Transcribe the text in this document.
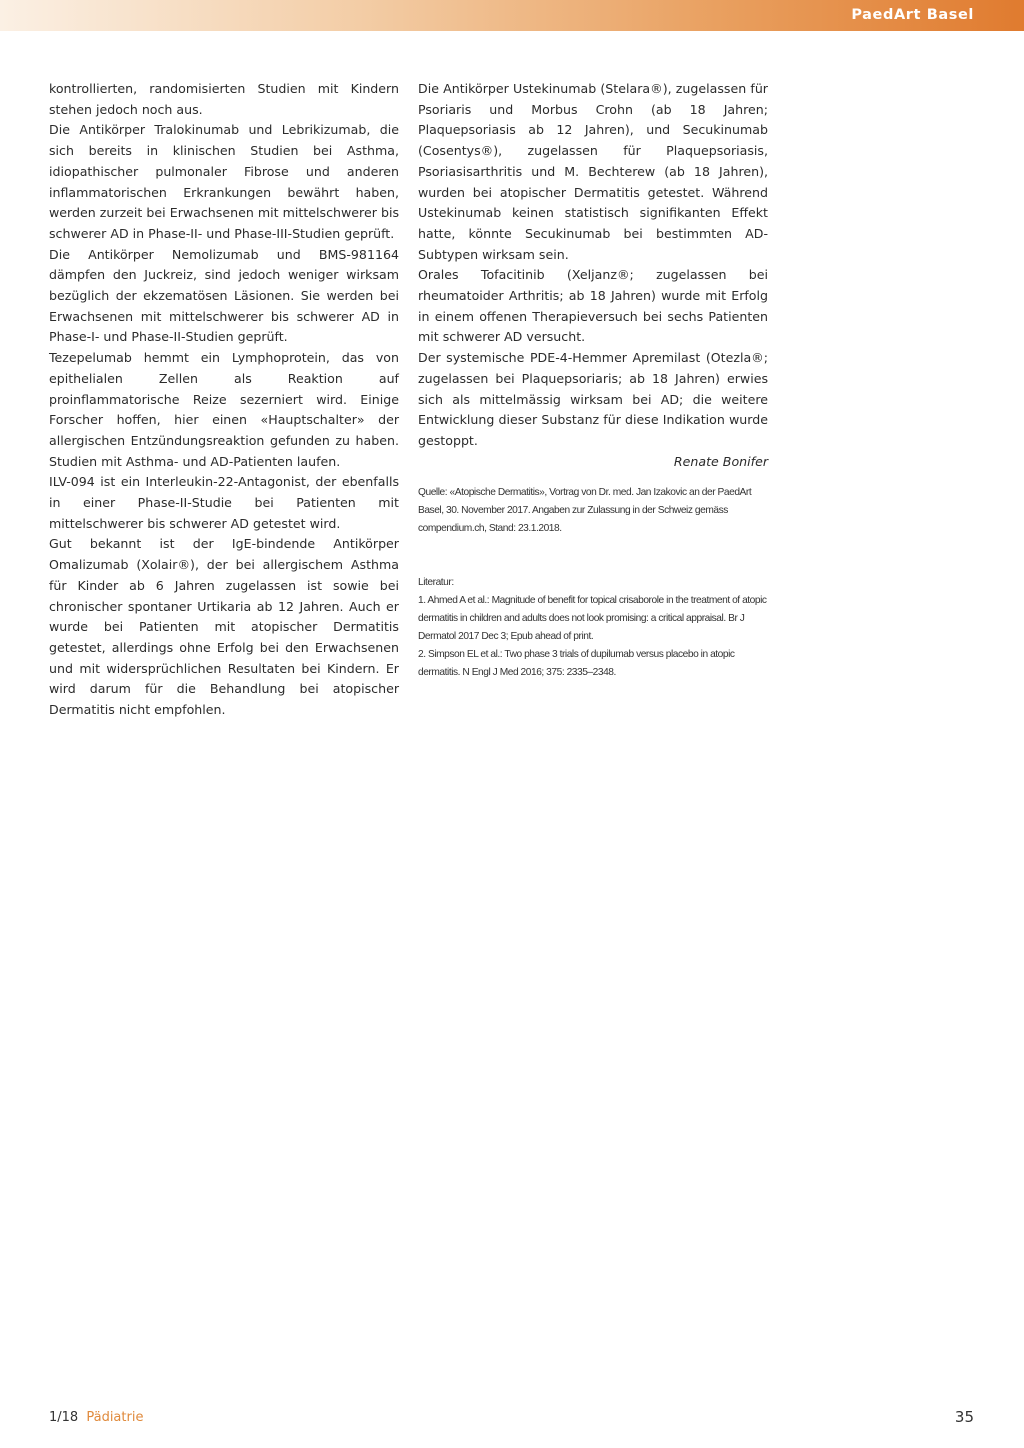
PaedArt Basel

kontrollierten, randomisierten Studien mit Kindern stehen jedoch noch aus.

Die Antikörper Tralokinumab und Lebrikizumab, die sich bereits in klinischen Studien bei Asthma, idiopathischer pulmonaler Fibrose und anderen inflammatorischen Erkrankungen bewährt haben, werden zurzeit bei Erwachsenen mit mittelschwerer bis schwerer AD in Phase-II- und Phase-III-Studien geprüft.

Die Antikörper Nemolizumab und BMS-981164 dämpfen den Juckreiz, sind jedoch weniger wirksam bezüglich der ekzematösen Läsionen. Sie werden bei Erwachsenen mit mittelschwerer bis schwerer AD in Phase-I- und Phase-II-Studien geprüft.

Tezepelumab hemmt ein Lymphoprotein, das von epithelialen Zellen als Reaktion auf proinflammatorische Reize sezerniert wird. Einige Forscher hoffen, hier einen «Hauptschalter» der allergischen Entzündungsreaktion gefunden zu haben. Studien mit Asthma- und AD-Patienten laufen.

ILV-094 ist ein Interleukin-22-Antagonist, der ebenfalls in einer Phase-II-Studie bei Patienten mit mittelschwerer bis schwerer AD getestet wird.

Gut bekannt ist der IgE-bindende Antikörper Omalizumab (Xolair®), der bei allergischem Asthma für Kinder ab 6 Jahren zugelassen ist sowie bei chronischer spontaner Urtikaria ab 12 Jahren. Auch er wurde bei Patienten mit atopischer Dermatitis getestet, allerdings ohne Erfolg bei den Erwachsenen und mit widersprüchlichen Resultaten bei Kindern. Er wird darum für die Behandlung bei atopischer Dermatitis nicht empfohlen.

Die Antikörper Ustekinumab (Stelara®), zugelassen für Psoriaris und Morbus Crohn (ab 18 Jahren; Plaquepsoriasis ab 12 Jahren), und Secukinumab (Cosentys®), zugelassen für Plaquepsoriasis, Psoriasisarthritis und M. Bechterew (ab 18 Jahren), wurden bei atopischer Dermatitis getestet. Während Ustekinumab keinen statistisch signifikanten Effekt hatte, könnte Secukinumab bei bestimmten AD-Subtypen wirksam sein.

Orales Tofacitinib (Xeljanz®; zugelassen bei rheumatoider Arthritis; ab 18 Jahren) wurde mit Erfolg in einem offenen Therapieversuch bei sechs Patienten mit schwerer AD versucht.

Der systemische PDE-4-Hemmer Apremilast (Otezla®; zugelassen bei Plaquepsoriaris; ab 18 Jahren) erwies sich als mittelmässig wirksam bei AD; die weitere Entwicklung dieser Substanz für diese Indikation wurde gestoppt.

Renate Bonifer

Quelle: «Atopische Dermatitis», Vortrag von Dr. med. Jan Izakovic an der PaedArt Basel, 30. November 2017. Angaben zur Zulassung in der Schweiz gemäss compendium.ch, Stand: 23.1.2018.
Literatur:

1. Ahmed A et al.: Magnitude of benefit for topical crisaborole in the treatment of atopic dermatitis in children and adults does not look promising: a critical appraisal. Br J Dermatol 2017 Dec 3; Epub ahead of print.

2. Simpson EL et al.: Two phase 3 trials of dupilumab versus placebo in atopic dermatitis. N Engl J Med 2016; 375: 2335–2348.

1/18 Pädiatrie	35
